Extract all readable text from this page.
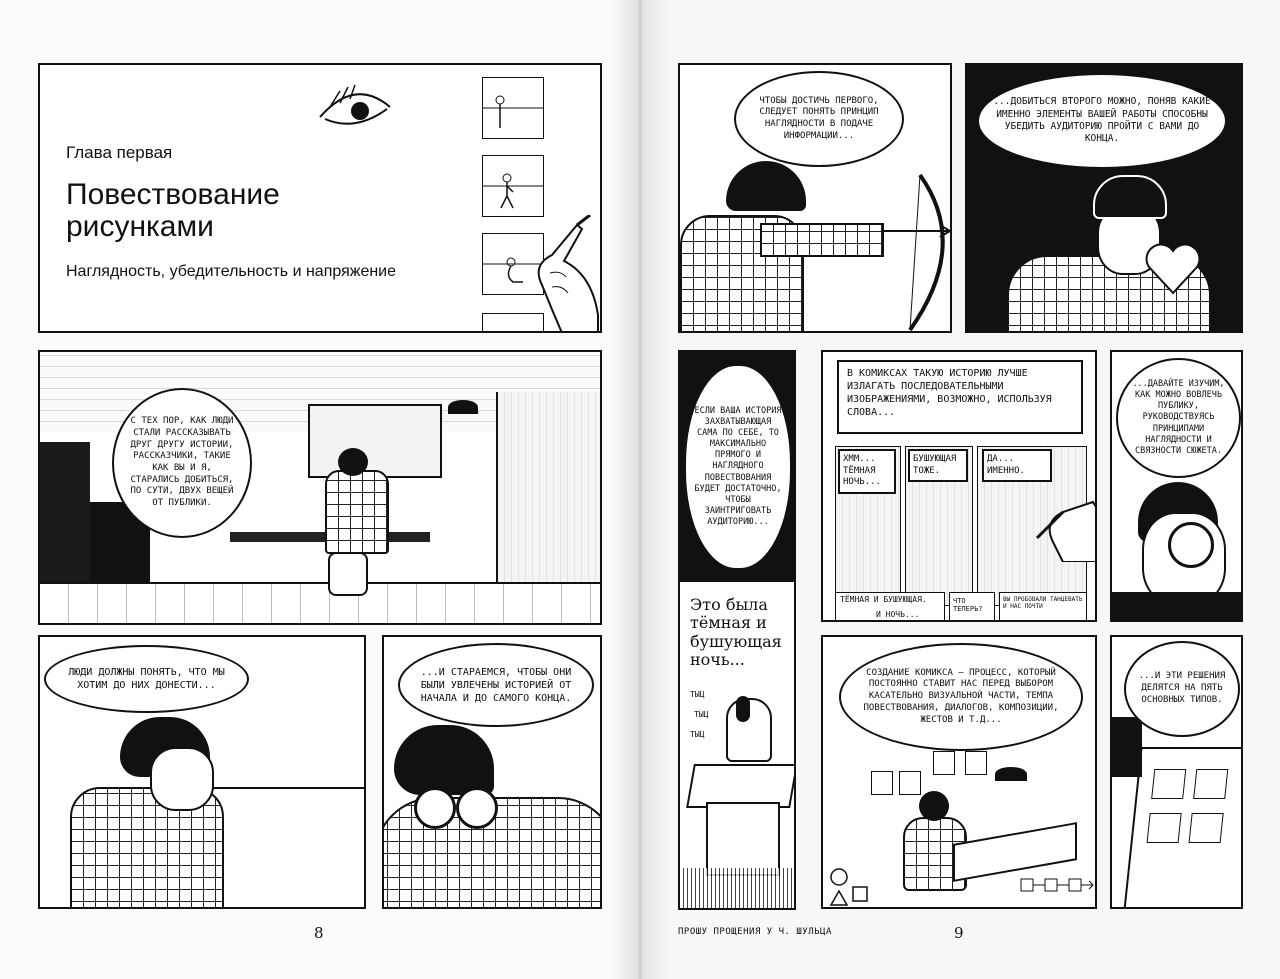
Глава первая
Повествование рисунками
Наглядность, убедительность и напряжение
С ТЕХ ПОР, КАК ЛЮДИ СТАЛИ РАССКАЗЫВАТЬ ДРУГ ДРУГУ ИСТОРИИ, РАССКАЗЧИКИ, ТАКИЕ КАК ВЫ И Я, СТАРАЛИСЬ ДОБИТЬСЯ, ПО СУТИ, ДВУХ ВЕЩЕЙ ОТ ПУБЛИКИ.
ЛЮДИ ДОЛЖНЫ ПОНЯТЬ, ЧТО МЫ ХОТИМ ДО НИХ ДОНЕСТИ...
...И СТАРАЕМСЯ, ЧТОБЫ ОНИ БЫЛИ УВЛЕЧЕНЫ ИСТОРИЕЙ ОТ НАЧАЛА И ДО САМОГО КОНЦА.
8
ЧТОБЫ ДОСТИЧЬ ПЕРВОГО, СЛЕДУЕТ ПОНЯТЬ ПРИНЦИП НАГЛЯДНОСТИ В ПОДАЧЕ ИНФОРМАЦИИ...
...ДОБИТЬСЯ ВТОРОГО МОЖНО, ПОНЯВ КАКИЕ ИМЕННО ЭЛЕМЕНТЫ ВАШЕЙ РАБОТЫ СПОСОБНЫ УБЕДИТЬ АУДИТОРИЮ ПРОЙТИ С ВАМИ ДО КОНЦА.
ЕСЛИ ВАША ИСТОРИЯ ЗАХВАТЫВАЮЩАЯ САМА ПО СЕБЕ, ТО МАКСИМАЛЬНО ПРЯМОГО И НАГЛЯДНОГО ПОВЕСТВОВАНИЯ БУДЕТ ДОСТАТОЧНО, ЧТОБЫ ЗАИНТРИГОВАТЬ АУДИТОРИЮ...
Это была тёмная и бушующая ночь...
ТЫЦ
ТЫЦ
ТЫЦ
В КОМИКСАХ ТАКУЮ ИСТОРИЮ ЛУЧШЕ ИЗЛАГАТЬ ПОСЛЕДОВАТЕЛЬНЫМИ ИЗОБРАЖЕНИЯМИ, ВОЗМОЖНО, ИСПОЛЬЗУЯ СЛОВА...
ХММ... ТЁМНАЯ НОЧЬ...
БУШУЮЩАЯ ТОЖЕ.
ДА... ИМЕННО.
ТЁМНАЯ И БУШУЮЩАЯ.
И НОЧЬ...
ЧТО ТЕПЕРЬ?
ВЫ ПРОБОВАЛИ ТАНЦЕВАТЬ И НАС ПОЧТИ
...ДАВАЙТЕ ИЗУЧИМ, КАК МОЖНО ВОВЛЕЧЬ ПУБЛИКУ, РУКОВОДСТВУЯСЬ ПРИНЦИПАМИ НАГЛЯДНОСТИ И СВЯЗНОСТИ СЮЖЕТА.
СОЗДАНИЕ КОМИКСА – ПРОЦЕСС, КОТОРЫЙ ПОСТОЯННО СТАВИТ НАС ПЕРЕД ВЫБОРОМ КАСАТЕЛЬНО ВИЗУАЛЬНОЙ ЧАСТИ, ТЕМПА ПОВЕСТВОВАНИЯ, ДИАЛОГОВ, КОМПОЗИЦИИ, ЖЕСТОВ И Т.Д...
...И ЭТИ РЕШЕНИЯ ДЕЛЯТСЯ НА ПЯТЬ ОСНОВНЫХ ТИПОВ.
ПРОШУ ПРОЩЕНИЯ У Ч. ШУЛЬЦА	9
